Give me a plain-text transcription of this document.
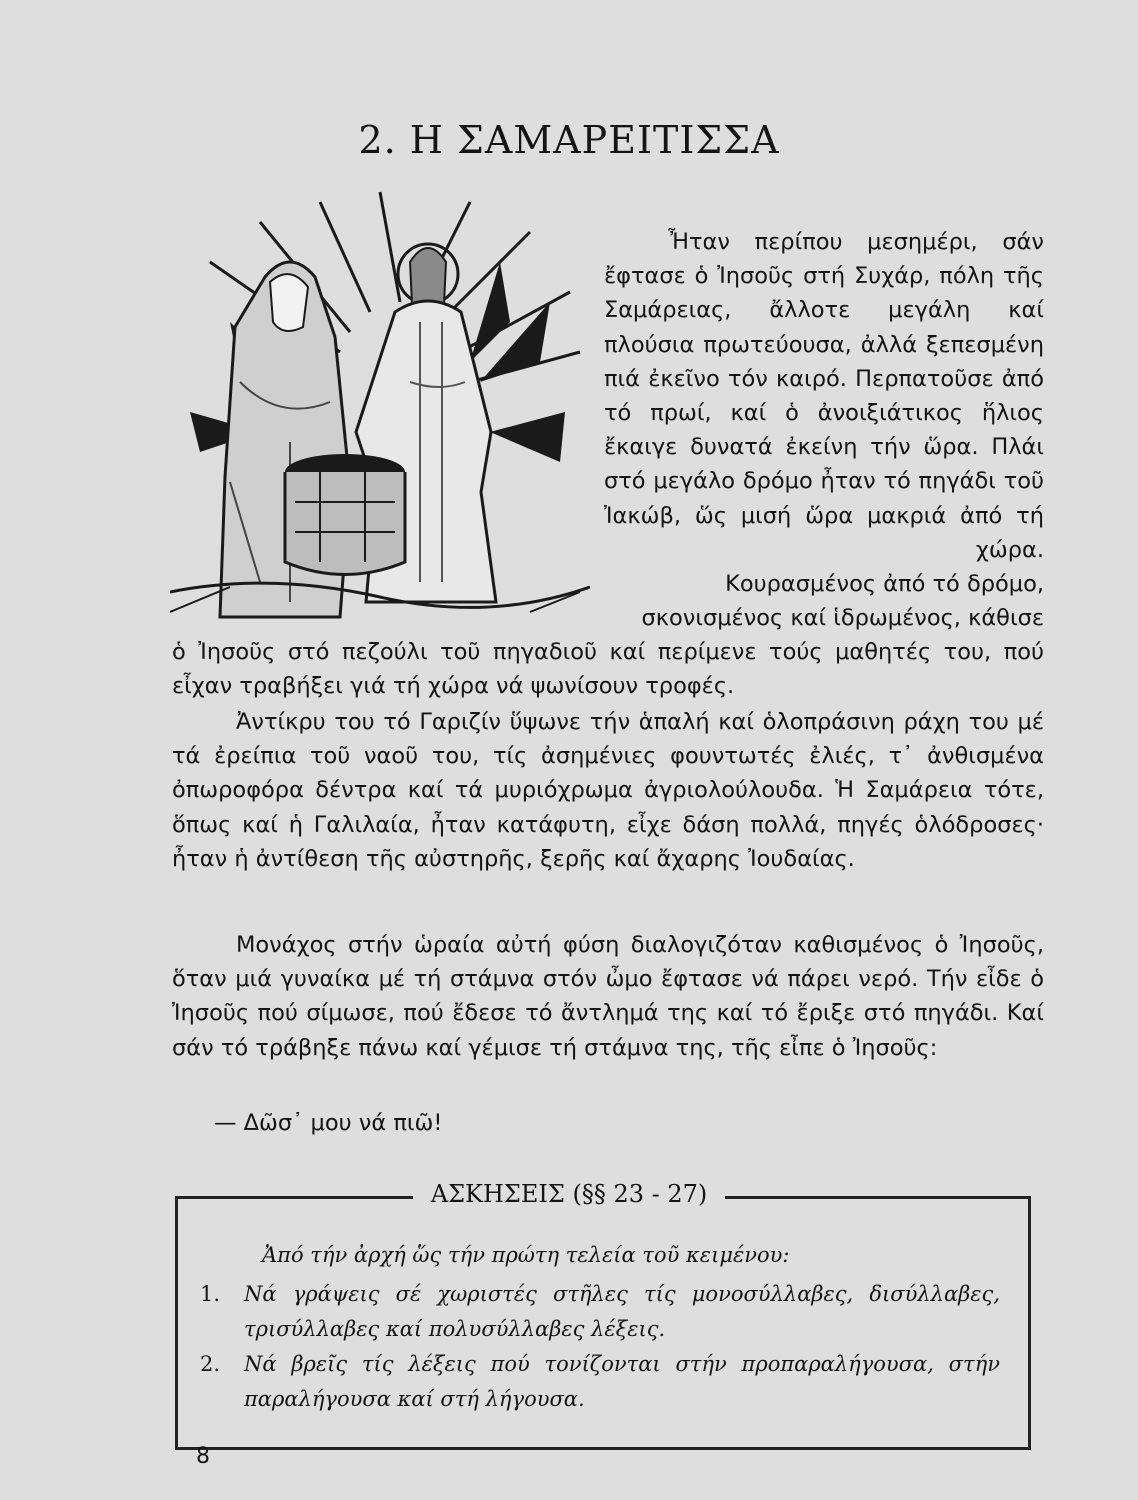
2. Η ΣΑΜΑΡΕΙΤΙΣΣΑ

Ἦταν περίπου μεσημέρι, σάν ἔφτασε ὁ Ἰησοῦς στή Συχάρ, πόλη τῆς Σαμάρειας, ἄλλοτε μεγάλη καί πλούσια πρωτεύουσα, ἀλλά ξεπεσμένη πιά ἐκεῖνο τόν καιρό. Περπατοῦσε ἀπό τό πρωί, καί ὁ ἀνοιξιάτικος ἥλιος ἔκαιγε δυνατά ἐκείνη τήν ὥρα. Πλάι στό μεγάλο δρόμο ἦταν τό πηγάδι τοῦ Ἰακώβ, ὥς μισή ὥρα μακριά ἀπό τή χώρα.

Κουρασμένος ἀπό τό δρόμο, σκονισμένος καί ἱδρωμένος, κάθισε

ὁ Ἰησοῦς στό πεζούλι τοῦ πηγαδιοῦ καί περίμενε τούς μαθητές του, πού εἶχαν τραβήξει γιά τή χώρα νά ψωνίσουν τροφές.

Ἀντίκρυ του τό Γαριζίν ὕψωνε τήν ἁπαλή καί ὁλοπράσινη ράχη του μέ τά ἐρείπια τοῦ ναοῦ του, τίς ἀσημένιες φουντωτές ἐλιές, τ᾽ ἀνθισμένα ὀπωροφόρα δέντρα καί τά μυριόχρωμα ἀγριολούλουδα. Ἡ Σαμάρεια τότε, ὅπως καί ἡ Γαλιλαία, ἦταν κατάφυτη, εἶχε δάση πολλά, πηγές ὁλόδροσες· ἦταν ἡ ἀντίθεση τῆς αὐστηρῆς, ξερῆς καί ἄχαρης Ἰουδαίας.

Μονάχος στήν ὡραία αὐτή φύση διαλογιζόταν καθισμένος ὁ Ἰησοῦς, ὅταν μιά γυναίκα μέ τή στάμνα στόν ὦμο ἔφτασε νά πάρει νερό. Τήν εἶδε ὁ Ἰησοῦς πού σίμωσε, πού ἔδεσε τό ἄντλημά της καί τό ἔριξε στό πηγάδι. Καί σάν τό τράβηξε πάνω καί γέμισε τή στάμνα της, τῆς εἶπε ὁ Ἰησοῦς:

— Δῶσ᾽ μου νά πιῶ!

ΑΣΚΗΣΕΙΣ (§§ 23 - 27)

Ἀπό τήν ἀρχή ὥς τήν πρώτη τελεία τοῦ κειμένου:

1. Νά γράψεις σέ χωριστές στῆλες τίς μονοσύλλαβες, δισύλλαβες, τρισύλλαβες καί πολυσύλλαβες λέξεις.
2. Νά βρεῖς τίς λέξεις πού τονίζονται στήν προπαραλήγουσα, στήν παραλήγουσα καί στή λήγουσα.
8
